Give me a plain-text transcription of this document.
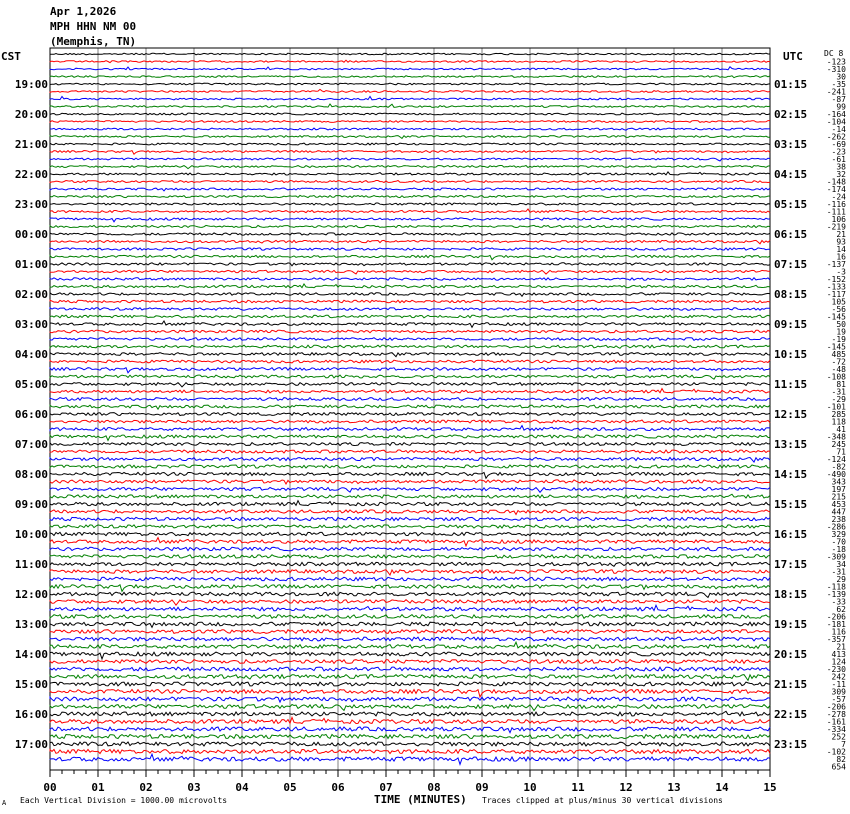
Apr 1,2026
MPH HHN NM 00
(Memphis, TN)
CST	UTC	DC 8
19:00
20:00
21:00
22:00
23:00
00:00
01:00
02:00
03:00
04:00
05:00
06:00
07:00
08:00
09:00
10:00
11:00
12:00
13:00
14:00
15:00
16:00
17:00
01:15
02:15
03:15
04:15
05:15
06:15
07:15
08:15
09:15
10:15
11:15
12:15
13:15
14:15
15:15
16:15
17:15
18:15
19:15
20:15
21:15
22:15
23:15
-123
-310
30
-35
-241
-87
99
-164
-104
-14
-262
-69
-23
-61
38
32
-148
-174
-24
-116
-111
106
-219
21
93
14
16
-137
-3
-152
-133
-117
105
-56
-145
50
19
-19
-145
485
-72
-48
-108
81
-31
-29
-101
285
118
41
-348
245
71
-124
-82
-490
343
197
215
453
447
238
-286
329
-70
-18
-309
34
-31
29
-118
-139
-33
62
-206
-181
116
-357
21
413
124
-230
242
-11
309
-57
-206
-278
-161
-334
252
7
-102
82
654
00	01	02	03	04	05	06	07	08	09	10	11	12	13	14	15
A Each Vertical Division = 1000.00 microvolts	TIME (MINUTES) Traces clipped at plus/minus 30 vertical divisions
